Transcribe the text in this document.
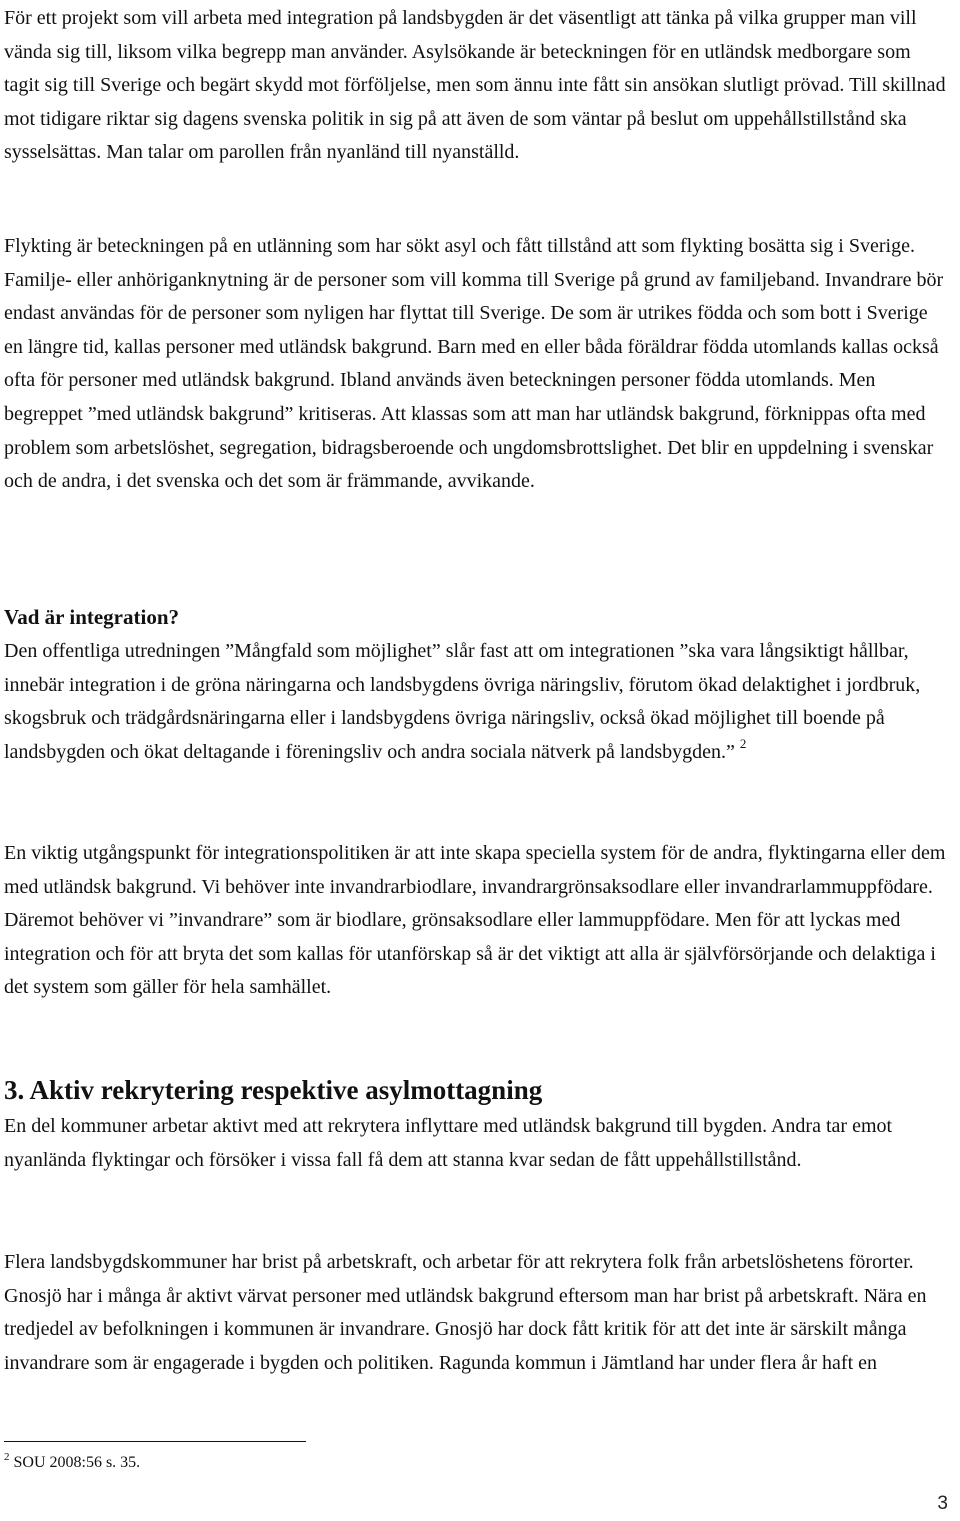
För ett projekt som vill arbeta med integration på landsbygden är det väsentligt att tänka på vilka grupper man vill vända sig till, liksom vilka begrepp man använder. Asylsökande är beteckningen för en utländsk medborgare som tagit sig till Sverige och begärt skydd mot förföljelse, men som ännu inte fått sin ansökan slutligt prövad. Till skillnad mot tidigare riktar sig dagens svenska politik in sig på att även de som väntar på beslut om uppehållstillstånd ska sysselsättas. Man talar om parollen från nyanländ till nyanställd.

Flykting är beteckningen på en utlänning som har sökt asyl och fått tillstånd att som flykting bosätta sig i Sverige. Familje- eller anhöriganknytning är de personer som vill komma till Sverige på grund av familjeband. Invandrare bör endast användas för de personer som nyligen har flyttat till Sverige. De som är utrikes födda och som bott i Sverige en längre tid, kallas personer med utländsk bakgrund. Barn med en eller båda föräldrar födda utomlands kallas också ofta för personer med utländsk bakgrund. Ibland används även beteckningen personer födda utomlands. Men begreppet ”med utländsk bakgrund” kritiseras. Att klassas som att man har utländsk bakgrund, förknippas ofta med problem som arbetslöshet, segregation, bidragsberoende och ungdomsbrottslighet. Det blir en uppdelning i svenskar och de andra, i det svenska och det som är främmande, avvikande.

Vad är integration?

Den offentliga utredningen ”Mångfald som möjlighet” slår fast att om integrationen ”ska vara långsiktigt hållbar, innebär integration i de gröna näringarna och landsbygdens övriga näringsliv, förutom ökad delaktighet i jordbruk, skogsbruk och trädgårdsnäringarna eller i landsbygdens övriga näringsliv, också ökad möjlighet till boende på landsbygden och ökat deltagande i föreningsliv och andra sociala nätverk på landsbygden.” $^2$

En viktig utgångspunkt för integrationspolitiken är att inte skapa speciella system för de andra, flyktingarna eller dem med utländsk bakgrund. Vi behöver inte invandrarbiodlare, invandrargrönsaksodlare eller invandrarlammuppfödare. Däremot behöver vi ”invandrare” som är biodlare, grönsaksodlare eller lammuppfödare. Men för att lyckas med integration och för att bryta det som kallas för utanförskap så är det viktigt att alla är självförsörjande och delaktiga i det system som gäller för hela samhället.

3. Aktiv rekrytering respektive asylmottagning

En del kommuner arbetar aktivt med att rekrytera inflyttare med utländsk bakgrund till bygden. Andra tar emot nyanlända flyktingar och försöker i vissa fall få dem att stanna kvar sedan de fått uppehållstillstånd.

Flera landsbygdskommuner har brist på arbetskraft, och arbetar för att rekrytera folk från arbetslöshetens förorter. Gnosjö har i många år aktivt värvat personer med utländsk bakgrund eftersom man har brist på arbetskraft. Nära en tredjedel av befolkningen i kommunen är invandrare. Gnosjö har dock fått kritik för att det inte är särskilt många invandrare som är engagerade i bygden och politiken. Ragunda kommun i Jämtland har under flera år haft en

$^2$ SOU 2008:56 s. 35.

3
